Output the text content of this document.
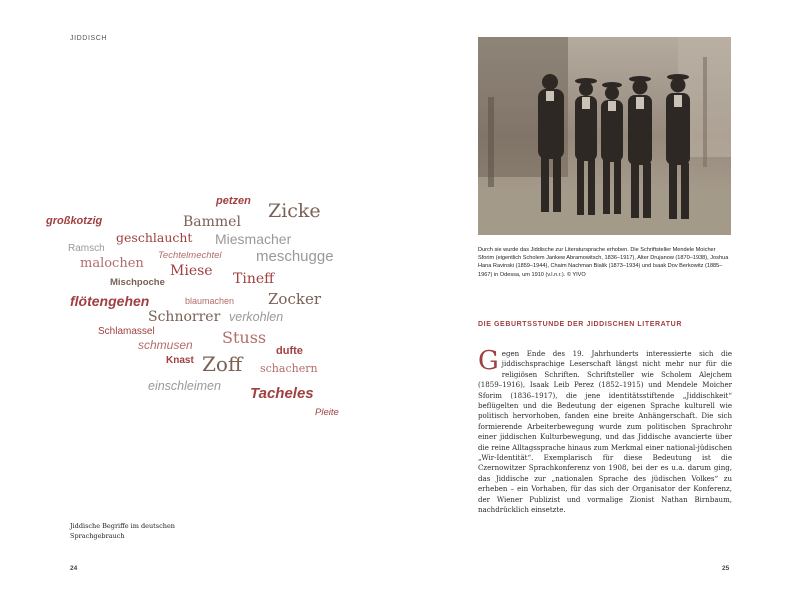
JIDDISCH
petzen
großkotzig	Bammel Zicke
Ramsch
geschlaucht Miesmacher
malochen
Techtelmechtel meschugge
Miese
Mischpoche	Tineff
flötengehen	blaumachen Zocker
Schnorrer verkohlen
Schlamassel	Stuss
schmusen
Knast Zoff
dufte
schachern
einschleimen Tacheles
Pleite
Jiddische Begriffe im deutschen Sprachgebrauch
24
Durch sie wurde das Jiddische zur Literatursprache erhoben. Die Schriftsteller Mendele Moicher Sforim (eigentlich Scholem Jankew Abramowitsch, 1836–1917), Alter Drujanow (1870–1938), Joshua Hana Ravinski (1859–1944), Chaim Nachman Bialik (1873–1934) und Isaak Dov Berkowitz (1885–1967) in Odessa, um 1910 (v.l.n.r.). © YIVO
DIE GEBURTSSTUNDE DER JIDDISCHEN LITERATUR
Gegen Ende des 19. Jahrhunderts interessierte sich die jiddischsprachige Leserschaft längst nicht mehr nur für die religiösen Schriften. Schriftsteller wie Scholem Alejchem (1859–1916), Isaak Leib Perez (1852–1915) und Mendele Moicher Sforim (1836–1917), die jene identitätsstiftende „Jiddischkeit“ beflügelten und die Bedeutung der eigenen Sprache kulturell wie politisch hervorhoben, fanden eine breite Anhängerschaft. Die sich formierende Arbeiterbewegung wurde zum politischen Sprachrohr einer jiddischen Kulturbewegung, und das Jiddische avancierte über die reine Alltagssprache hinaus zum Merkmal einer national-jüdischen „Wir-Identität“. Exemplarisch für diese Bedeutung ist die Czernowitzer Sprachkonferenz von 1908, bei der es u.a. darum ging, das Jiddische zur „nationalen Sprache des jüdischen Volkes“ zu erheben – ein Vorhaben, für das sich der Organisator der Konferenz, der Wiener Publizist und vormalige Zionist Nathan Birnbaum, nachdrücklich einsetzte.
25
